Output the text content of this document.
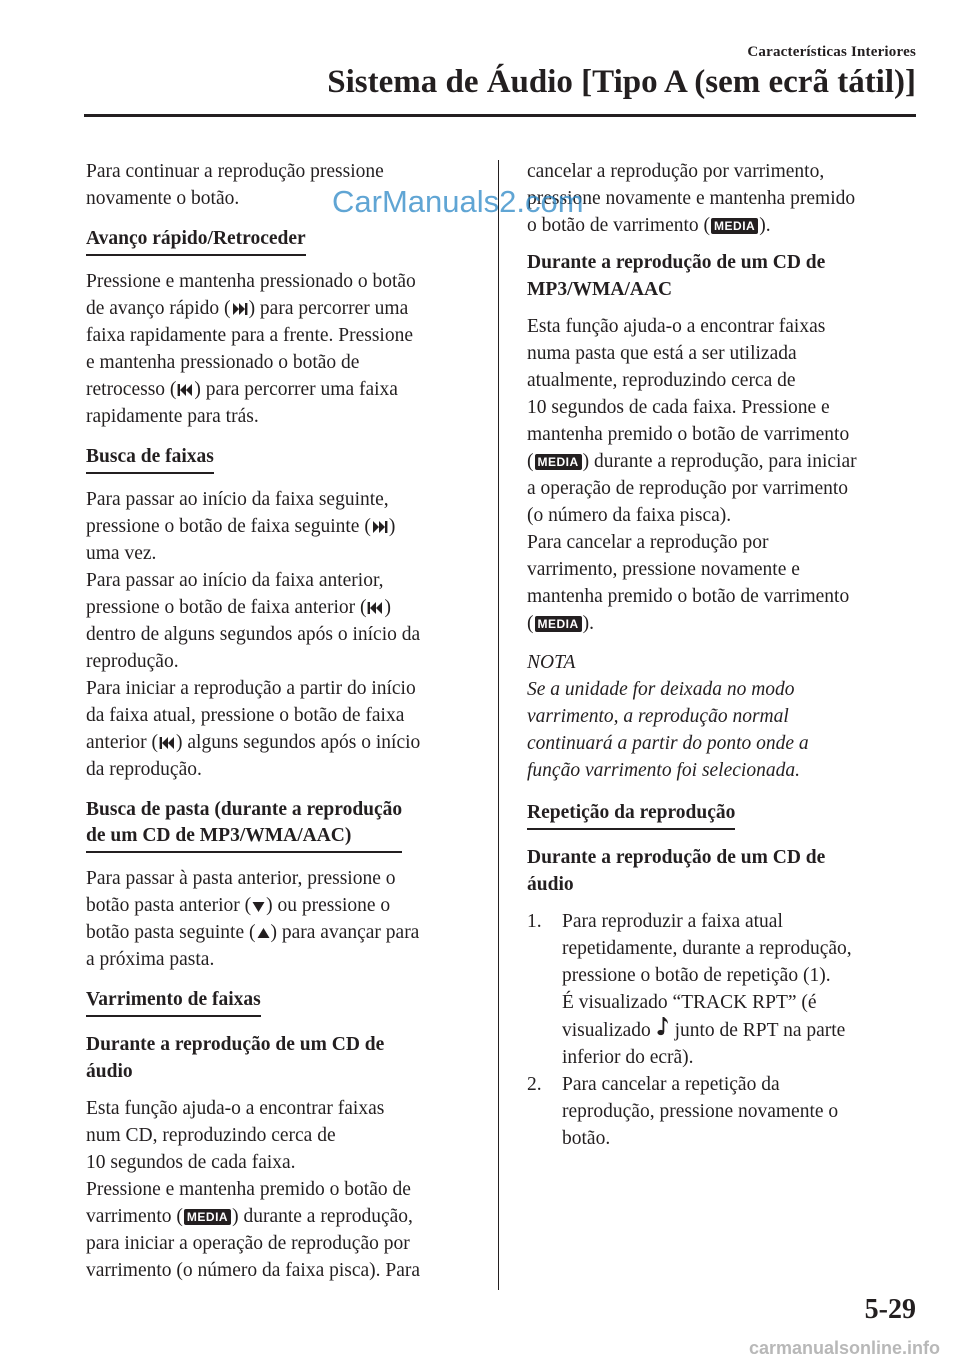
Características Interiores
Sistema de Áudio [Tipo A (sem ecrã tátil)]

Para continuar a reprodução pressione
novamente o botão.

Avanço rápido/Retroceder

Pressione e mantenha pressionado o botão
de avanço rápido ( ) para percorrer uma
faixa rapidamente para a frente. Pressione
e mantenha pressionado o botão de
retrocesso ( ) para percorrer uma faixa
rapidamente para trás.

Busca de faixas

Para passar ao início da faixa seguinte,
pressione o botão de faixa seguinte ( )
uma vez.
Para passar ao início da faixa anterior,
pressione o botão de faixa anterior ( )
dentro de alguns segundos após o início da
reprodução.
Para iniciar a reprodução a partir do início
da faixa atual, pressione o botão de faixa
anterior ( ) alguns segundos após o início
da reprodução.

Busca de pasta (durante a reprodução
de um CD de MP3/WMA/AAC)

Para passar à pasta anterior, pressione o
botão pasta anterior ( ) ou pressione o
botão pasta seguinte ( ) para avançar para
a próxima pasta.

Varrimento de faixas

Durante a reprodução de um CD de
áudio

Esta função ajuda-o a encontrar faixas
num CD, reproduzindo cerca de
10 segundos de cada faixa.
Pressione e mantenha premido o botão de
varrimento ( MEDIA ) durante a reprodução,
para iniciar a operação de reprodução por
varrimento (o número da faixa pisca). Para

cancelar a reprodução por varrimento,
pressione novamente e mantenha premido
o botão de varrimento ( MEDIA ).

Durante a reprodução de um CD de
MP3/WMA/AAC

Esta função ajuda-o a encontrar faixas
numa pasta que está a ser utilizada
atualmente, reproduzindo cerca de
10 segundos de cada faixa. Pressione e
mantenha premido o botão de varrimento
( MEDIA ) durante a reprodução, para iniciar
a operação de reprodução por varrimento
(o número da faixa pisca).
Para cancelar a reprodução por
varrimento, pressione novamente e
mantenha premido o botão de varrimento
( MEDIA ).

NOTA

Se a unidade for deixada no modo
varrimento, a reprodução normal
continuará a partir do ponto onde a
função varrimento foi selecionada.

Repetição da reprodução

Durante a reprodução de um CD de
áudio

1. Para reproduzir a faixa atual
repetidamente, durante a reprodução,
pressione o botão de repetição (1).
É visualizado “TRACK RPT” (é
visualizado  junto de RPT na parte
inferior do ecrã).
2. Para cancelar a repetição da
reprodução, pressione novamente o
botão.
CarManuals2.com
5-29
carmanualsonline.info
